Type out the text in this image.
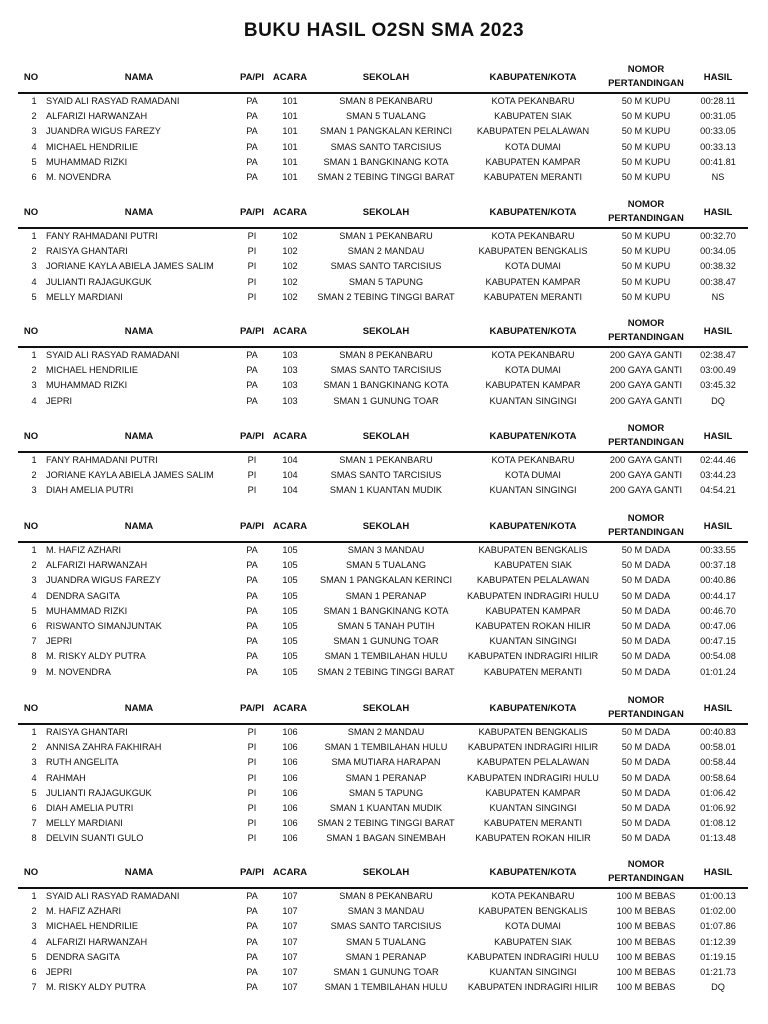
BUKU HASIL O2SN SMA 2023
NO	NAMA	PA/PI	ACARA	SEKOLAH	KABUPATEN/KOTA	NOMOR
PERTANDINGAN	HASIL
1	SYAID ALI RASYAD RAMADANI	PA	101	SMAN 8 PEKANBARU	KOTA PEKANBARU	50 M KUPU	00:28.11
2	ALFARIZI HARWANZAH	PA	101	SMAN 5 TUALANG	KABUPATEN SIAK	50 M KUPU	00:31.05
3	JUANDRA WIGUS FAREZY	PA	101	SMAN 1 PANGKALAN KERINCI	KABUPATEN PELALAWAN	50 M KUPU	00:33.05
4	MICHAEL HENDRILIE	PA	101	SMAS SANTO TARCISIUS	KOTA DUMAI	50 M KUPU	00:33.13
5	MUHAMMAD RIZKI	PA	101	SMAN 1 BANGKINANG KOTA	KABUPATEN KAMPAR	50 M KUPU	00:41.81
6	M. NOVENDRA	PA	101	SMAN 2 TEBING TINGGI BARAT	KABUPATEN MERANTI	50 M KUPU	NS
NO	NAMA	PA/PI	ACARA	SEKOLAH	KABUPATEN/KOTA	NOMOR
PERTANDINGAN	HASIL
1	FANY RAHMADANI PUTRI	PI	102	SMAN 1 PEKANBARU	KOTA PEKANBARU	50 M KUPU	00:32.70
2	RAISYA GHANTARI	PI	102	SMAN 2 MANDAU	KABUPATEN BENGKALIS	50 M KUPU	00:34.05
3	JORIANE KAYLA ABIELA JAMES SALIM	PI	102	SMAS SANTO TARCISIUS	KOTA DUMAI	50 M KUPU	00:38.32
4	JULIANTI RAJAGUKGUK	PI	102	SMAN 5 TAPUNG	KABUPATEN KAMPAR	50 M KUPU	00:38.47
5	MELLY MARDIANI	PI	102	SMAN 2 TEBING TINGGI BARAT	KABUPATEN MERANTI	50 M KUPU	NS
NO	NAMA	PA/PI	ACARA	SEKOLAH	KABUPATEN/KOTA	NOMOR
PERTANDINGAN	HASIL
1	SYAID ALI RASYAD RAMADANI	PA	103	SMAN 8 PEKANBARU	KOTA PEKANBARU	200 GAYA GANTI	02:38.47
2	MICHAEL HENDRILIE	PA	103	SMAS SANTO TARCISIUS	KOTA DUMAI	200 GAYA GANTI	03:00.49
3	MUHAMMAD RIZKI	PA	103	SMAN 1 BANGKINANG KOTA	KABUPATEN KAMPAR	200 GAYA GANTI	03:45.32
4	JEPRI	PA	103	SMAN 1 GUNUNG TOAR	KUANTAN SINGINGI	200 GAYA GANTI	DQ
NO	NAMA	PA/PI	ACARA	SEKOLAH	KABUPATEN/KOTA	NOMOR
PERTANDINGAN	HASIL
1	FANY RAHMADANI PUTRI	PI	104	SMAN 1 PEKANBARU	KOTA PEKANBARU	200 GAYA GANTI	02:44.46
2	JORIANE KAYLA ABIELA JAMES SALIM	PI	104	SMAS SANTO TARCISIUS	KOTA DUMAI	200 GAYA GANTI	03:44.23
3	DIAH AMELIA PUTRI	PI	104	SMAN 1 KUANTAN MUDIK	KUANTAN SINGINGI	200 GAYA GANTI	04:54.21
NO	NAMA	PA/PI	ACARA	SEKOLAH	KABUPATEN/KOTA	NOMOR
PERTANDINGAN	HASIL
1	M. HAFIZ AZHARI	PA	105	SMAN 3 MANDAU	KABUPATEN BENGKALIS	50 M DADA	00:33.55
2	ALFARIZI HARWANZAH	PA	105	SMAN 5 TUALANG	KABUPATEN SIAK	50 M DADA	00:37.18
3	JUANDRA WIGUS FAREZY	PA	105	SMAN 1 PANGKALAN KERINCI	KABUPATEN PELALAWAN	50 M DADA	00:40.86
4	DENDRA SAGITA	PA	105	SMAN 1 PERANAP	KABUPATEN INDRAGIRI HULU	50 M DADA	00:44.17
5	MUHAMMAD RIZKI	PA	105	SMAN 1 BANGKINANG KOTA	KABUPATEN KAMPAR	50 M DADA	00:46.70
6	RISWANTO SIMANJUNTAK	PA	105	SMAN 5 TANAH PUTIH	KABUPATEN ROKAN HILIR	50 M DADA	00:47.06
7	JEPRI	PA	105	SMAN 1 GUNUNG TOAR	KUANTAN SINGINGI	50 M DADA	00:47.15
8	M. RISKY ALDY PUTRA	PA	105	SMAN 1 TEMBILAHAN HULU	KABUPATEN INDRAGIRI HILIR	50 M DADA	00:54.08
9	M. NOVENDRA	PA	105	SMAN 2 TEBING TINGGI BARAT	KABUPATEN MERANTI	50 M DADA	01:01.24
NO	NAMA	PA/PI	ACARA	SEKOLAH	KABUPATEN/KOTA	NOMOR
PERTANDINGAN	HASIL
1	RAISYA GHANTARI	PI	106	SMAN 2 MANDAU	KABUPATEN BENGKALIS	50 M DADA	00:40.83
2	ANNISA ZAHRA FAKHIRAH	PI	106	SMAN 1 TEMBILAHAN HULU	KABUPATEN INDRAGIRI HILIR	50 M DADA	00:58.01
3	RUTH ANGELITA	PI	106	SMA MUTIARA HARAPAN	KABUPATEN PELALAWAN	50 M DADA	00:58.44
4	RAHMAH	PI	106	SMAN 1 PERANAP	KABUPATEN INDRAGIRI HULU	50 M DADA	00:58.64
5	JULIANTI RAJAGUKGUK	PI	106	SMAN 5 TAPUNG	KABUPATEN KAMPAR	50 M DADA	01:06.42
6	DIAH AMELIA PUTRI	PI	106	SMAN 1 KUANTAN MUDIK	KUANTAN SINGINGI	50 M DADA	01:06.92
7	MELLY MARDIANI	PI	106	SMAN 2 TEBING TINGGI BARAT	KABUPATEN MERANTI	50 M DADA	01:08.12
8	DELVIN SUANTI GULO	PI	106	SMAN 1 BAGAN SINEMBAH	KABUPATEN ROKAN HILIR	50 M DADA	01:13.48
NO	NAMA	PA/PI	ACARA	SEKOLAH	KABUPATEN/KOTA	NOMOR
PERTANDINGAN	HASIL
1	SYAID ALI RASYAD RAMADANI	PA	107	SMAN 8 PEKANBARU	KOTA PEKANBARU	100 M BEBAS	01:00.13
2	M. HAFIZ AZHARI	PA	107	SMAN 3 MANDAU	KABUPATEN BENGKALIS	100 M BEBAS	01:02.00
3	MICHAEL HENDRILIE	PA	107	SMAS SANTO TARCISIUS	KOTA DUMAI	100 M BEBAS	01:07.86
4	ALFARIZI HARWANZAH	PA	107	SMAN 5 TUALANG	KABUPATEN SIAK	100 M BEBAS	01:12.39
5	DENDRA SAGITA	PA	107	SMAN 1 PERANAP	KABUPATEN INDRAGIRI HULU	100 M BEBAS	01:19.15
6	JEPRI	PA	107	SMAN 1 GUNUNG TOAR	KUANTAN SINGINGI	100 M BEBAS	01:21.73
7	M. RISKY ALDY PUTRA	PA	107	SMAN 1 TEMBILAHAN HULU	KABUPATEN INDRAGIRI HILIR	100 M BEBAS	DQ
